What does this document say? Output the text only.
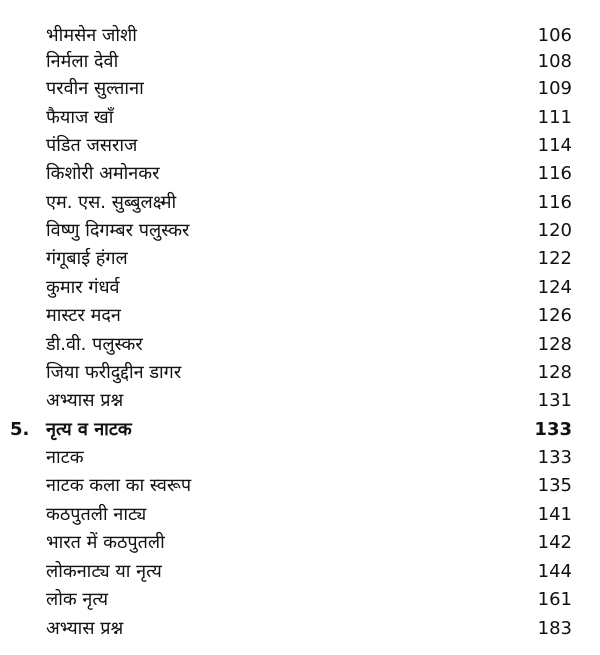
भीमसेन जोशी	106
निर्मला देवी	108
परवीन सुल्ताना	109
फैयाज खाँ	111
पंडित जसराज	114
किशोरी अमोनकर	116
एम. एस. सुब्बुलक्ष्मी	116
विष्णु दिगम्बर पलुस्कर	120
गंगूबाई हंगल	122
कुमार गंधर्व	124
मास्टर मदन	126
डी.वी. पलुस्कर	128
जिया फरीदुद्दीन डागर	128
अभ्यास प्रश्न	131
5. नृत्य व नाटक	133
नाटक	133
नाटक कला का स्वरूप	135
कठपुतली नाट्य	141
भारत में कठपुतली	142
लोकनाट्य या नृत्य	144
लोक नृत्य	161
अभ्यास प्रश्न	183
